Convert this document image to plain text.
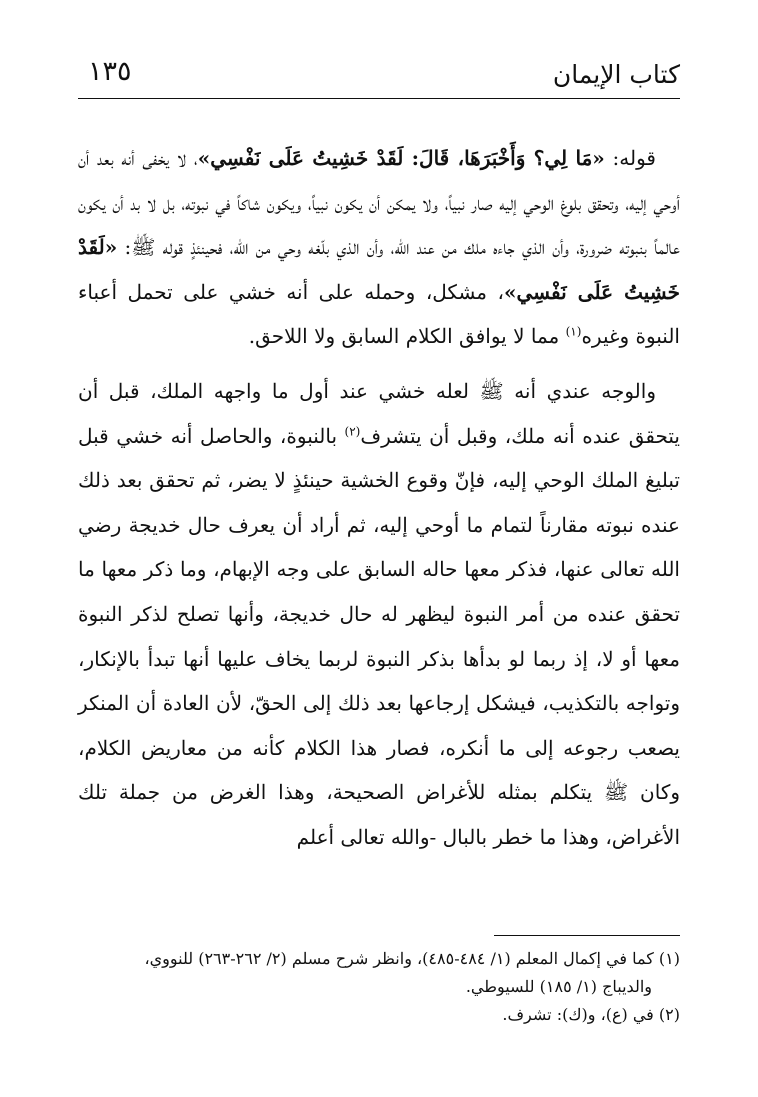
كتاب الإيمان
١٣٥

قوله: «مَا لِي؟ وَأَخْبَرَهَا، قَالَ: لَقَدْ خَشِيتُ عَلَى نَفْسِي»، لا يخفى أنه بعد أن أوحي إليه، وتحقق بلوغ الوحي إليه صار نبياً، ولا يمكن أن يكون نبياً، ويكون شاكاً في نبوته، بل لا بد أن يكون عالماً بنبوته ضرورة، وأن الذي جاءه ملك من عند الله، وأن الذي بلّغه وحي من الله، فحينئذٍ قوله ﷺ: «لَقَدْ خَشِيتُ عَلَى نَفْسِي»، مشكل، وحمله على أنه خشي على تحمل أعباء النبوة وغيره$^{(١)}$ مما لا يوافق الكلام السابق ولا اللاحق.

والوجه عندي أنه ﷺ لعله خشي عند أول ما واجهه الملك، قبل أن يتحقق عنده أنه ملك، وقبل أن يتشرف$^{(٢)}$ بالنبوة، والحاصل أنه خشي قبل تبليغ الملك الوحي إليه، فإنّ وقوع الخشية حينئذٍ لا يضر، ثم تحقق بعد ذلك عنده نبوته مقارناً لتمام ما أوحي إليه، ثم أراد أن يعرف حال خديجة رضي الله تعالى عنها، فذكر معها حاله السابق على وجه الإبهام، وما ذكر معها ما تحقق عنده من أمر النبوة ليظهر له حال خديجة، وأنها تصلح لذكر النبوة معها أو لا، إذ ربما لو بدأها بذكر النبوة لربما يخاف عليها أنها تبدأ بالإنكار، وتواجه بالتكذيب، فيشكل إرجاعها بعد ذلك إلى الحقّ، لأن العادة أن المنكر يصعب رجوعه إلى ما أنكره، فصار هذا الكلام كأنه من معاريض الكلام، وكان ﷺ يتكلم بمثله للأغراض الصحيحة، وهذا الغرض من جملة تلك الأغراض، وهذا ما خطر بالبال -والله تعالى أعلم

(١) كما في إكمال المعلم (١/ ٤٨٤-٤٨٥)، وانظر شرح مسلم (٢/ ٢٦٢-٢٦٣) للنووي،

والديباج (١/ ١٨٥) للسيوطي.

(٢) في (ع)، و(ك): تشرف.
